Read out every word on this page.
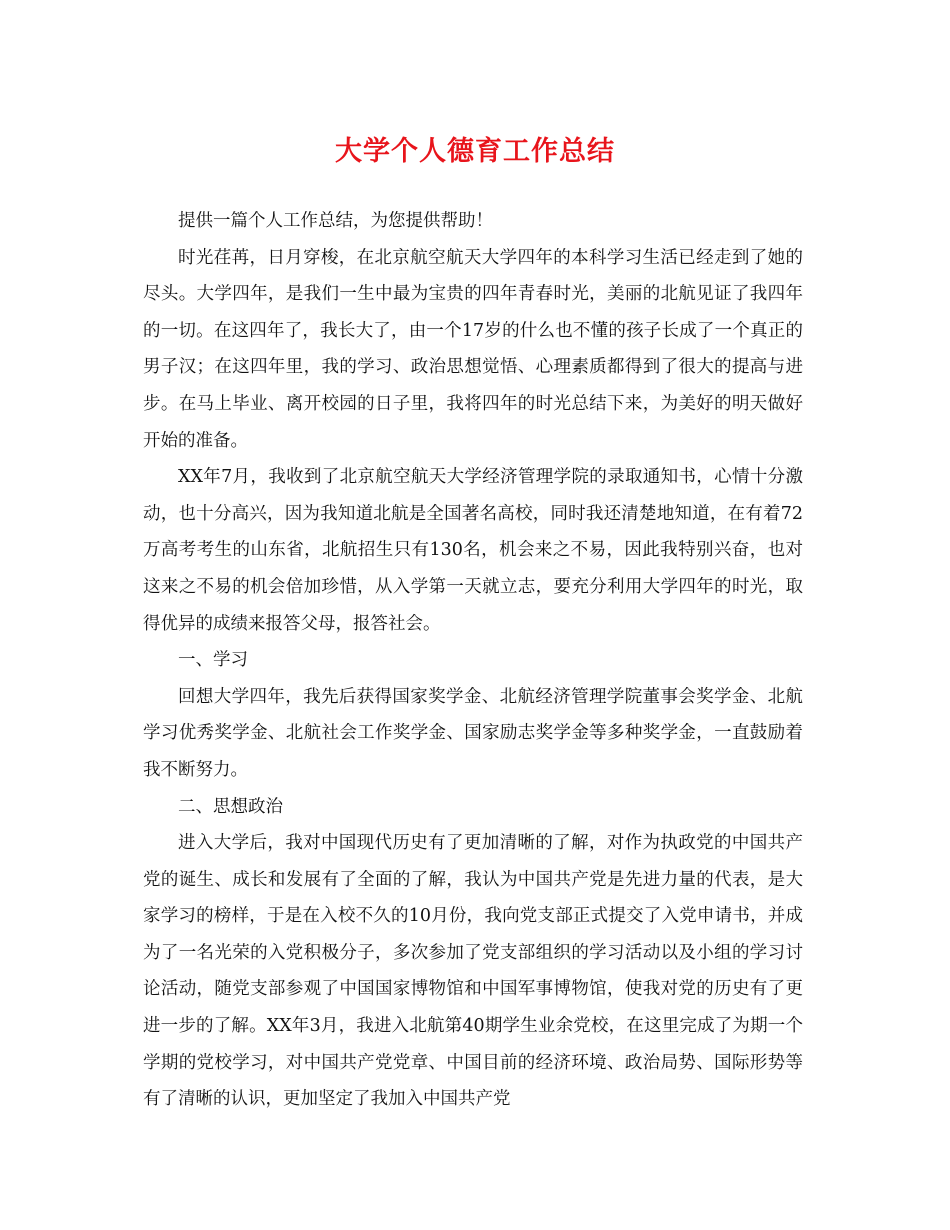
大学个人德育工作总结

提供一篇个人工作总结，为您提供帮助！

时光荏苒，日月穿梭，在北京航空航天大学四年的本科学习生活已经走到了她的尽头。大学四年，是我们一生中最为宝贵的四年青春时光，美丽的北航见证了我四年的一切。在这四年了，我长大了，由一个17岁的什么也不懂的孩子长成了一个真正的男子汉；在这四年里，我的学习、政治思想觉悟、心理素质都得到了很大的提高与进步。在马上毕业、离开校园的日子里，我将四年的时光总结下来，为美好的明天做好开始的准备。

XX年7月，我收到了北京航空航天大学经济管理学院的录取通知书，心情十分激动，也十分高兴，因为我知道北航是全国著名高校，同时我还清楚地知道，在有着72万高考考生的山东省，北航招生只有130名，机会来之不易，因此我特别兴奋，也对这来之不易的机会倍加珍惜，从入学第一天就立志，要充分利用大学四年的时光，取得优异的成绩来报答父母，报答社会。

一、学习

回想大学四年，我先后获得国家奖学金、北航经济管理学院董事会奖学金、北航学习优秀奖学金、北航社会工作奖学金、国家励志奖学金等多种奖学金，一直鼓励着我不断努力。

二、思想政治

进入大学后，我对中国现代历史有了更加清晰的了解，对作为执政党的中国共产党的诞生、成长和发展有了全面的了解，我认为中国共产党是先进力量的代表，是大家学习的榜样，于是在入校不久的10月份，我向党支部正式提交了入党申请书，并成为了一名光荣的入党积极分子，多次参加了党支部组织的学习活动以及小组的学习讨论活动，随党支部参观了中国国家博物馆和中国军事博物馆，使我对党的历史有了更进一步的了解。XX年3月，我进入北航第40期学生业余党校，在这里完成了为期一个学期的党校学习，对中国共产党党章、中国目前的经济环境、政治局势、国际形势等有了清晰的认识，更加坚定了我加入中国共产党
